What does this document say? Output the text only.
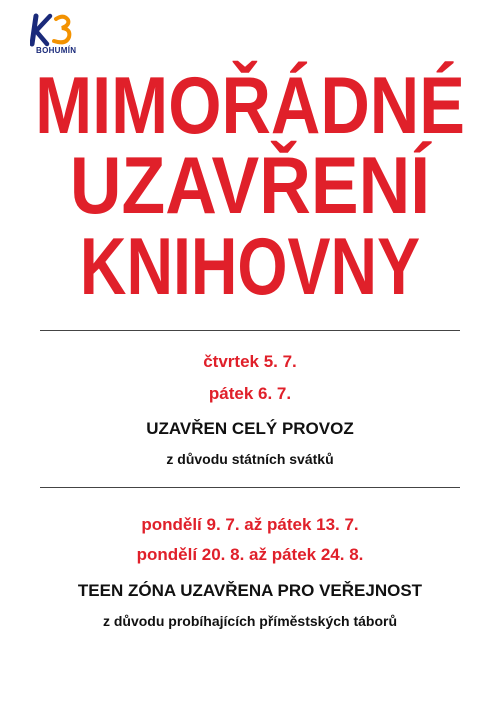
BOHUMÍN
MIMOŘÁDNÉ
UZAVŘENÍ
KNIHOVNY
čtvrtek 5. 7.
pátek 6. 7.
UZAVŘEN CELÝ PROVOZ
z důvodu státních svátků
pondělí 9. 7. až pátek 13. 7.
pondělí 20. 8. až pátek 24. 8.
TEEN ZÓNA UZAVŘENA PRO VEŘEJNOST
z důvodu probíhajících příměstských táborů
